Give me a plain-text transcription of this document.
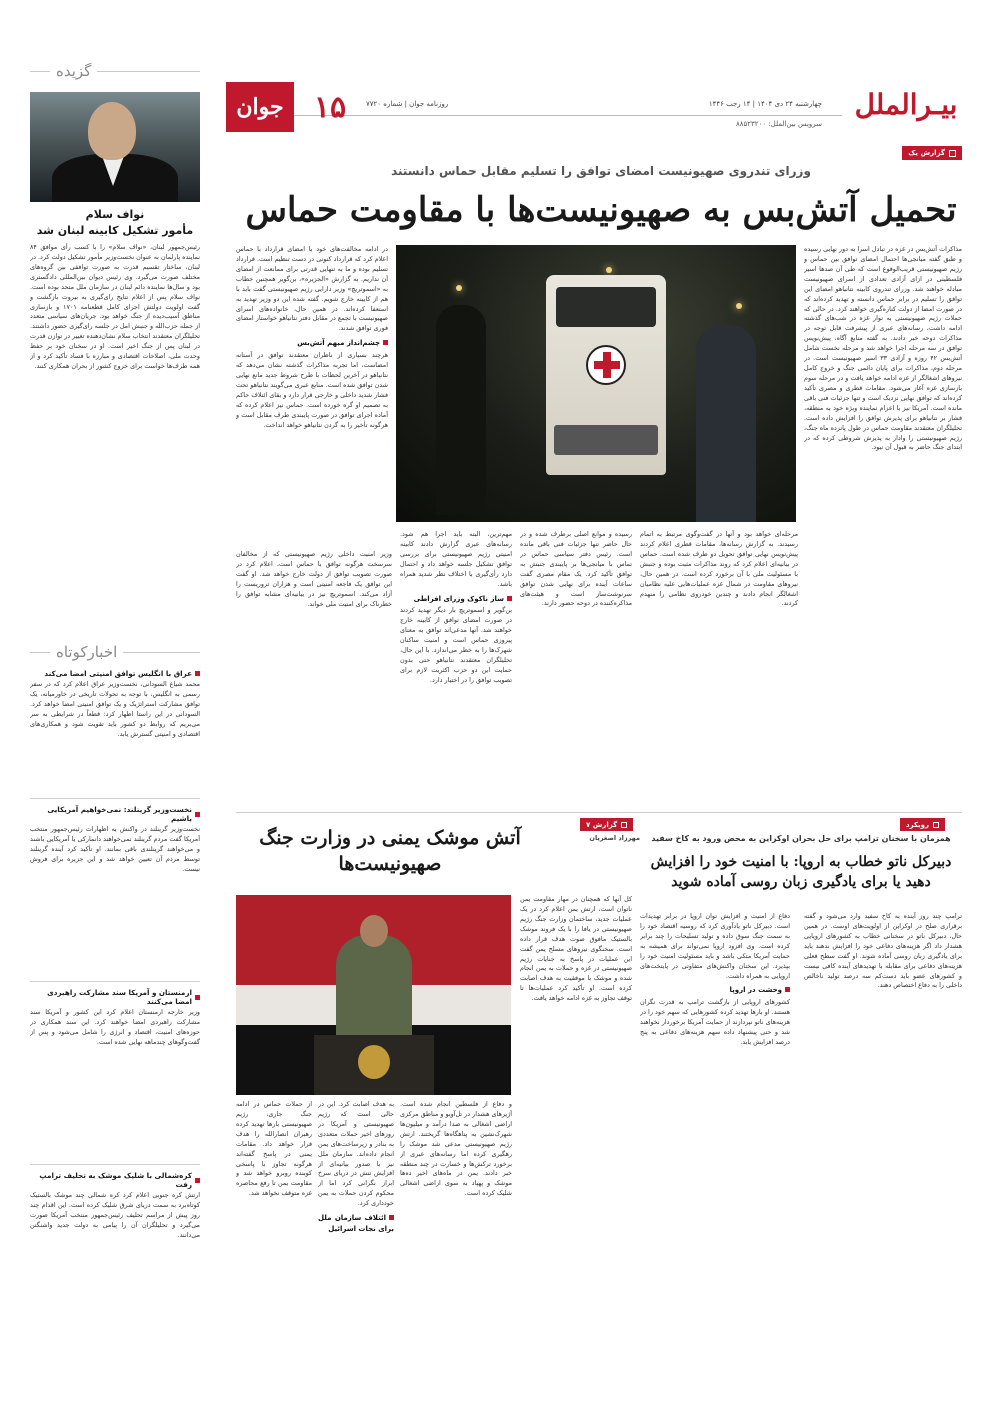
بیـرالملل
چهارشنبه ۲۴ دی ۱۴۰۴ | ۱۴ رجب ۱۴۴۶
سرویس بین‌الملل: ۸۸۵۲۳۲۰۰
روزنامه جوان | شماره ۷۷۲۰
۱۵
جوان
گزیده
نواف سلام
مأمور تشکیل کابینه لبنان شد
رئیس‌جمهور لبنان، «نواف سلام» را با کسب رأی موافق ۸۴ نماینده پارلمان به عنوان نخست‌وزیر مأمور تشکیل دولت کرد. در لبنان، ساختار تقسیم قدرت به صورت توافقی بین گروه‌های مختلف صورت می‌گیرد. وی رئیس دیوان بین‌المللی دادگستری بود و سال‌ها نماینده دائم لبنان در سازمان ملل متحد بوده است. نواف سلام پس از اعلام نتایج رای‌گیری به بیروت بازگشت و گفت اولویت دولتش اجرای کامل قطعنامه ۱۷۰۱ و بازسازی مناطق آسیب‌دیده از جنگ خواهد بود. جریان‌های سیاسی متعدد از جمله حزب‌الله و جنبش امل در جلسه رای‌گیری حضور داشتند. تحلیلگران معتقدند انتخاب سلام نشان‌دهنده تغییر در توازن قدرت در لبنان پس از جنگ اخیر است. او در سخنان خود بر حفظ وحدت ملی، اصلاحات اقتصادی و مبارزه با فساد تأکید کرد و از همه طرف‌ها خواست برای خروج کشور از بحران همکاری کنند.
اخبارکوتاه
عراق با انگلیس توافق امنیتی امضا می‌کند
محمد شیاع السودانی، نخست‌وزیر عراق اعلام کرد که در سفر رسمی به انگلیس، با توجه به تحولات تاریخی در خاورمیانه، یک توافق مشارکت استراتژیک و یک توافق امنیتی امضا خواهد کرد. السودانی در این راستا اظهار کرد: قطعاً در شرایطی به سر می‌بریم که روابط دو کشور باید تقویت شود و همکاری‌های اقتصادی و امنیتی گسترش یابد.
نخست‌وزیر گرینلند: نمی‌خواهیم آمریکایی باشیم
نخست‌وزیر گرینلند در واکنش به اظهارات رئیس‌جمهور منتخب آمریکا گفت مردم گرینلند نمی‌خواهند دانمارکی یا آمریکایی باشند و می‌خواهند گرینلندی باقی بمانند. او تأکید کرد آینده گرینلند توسط مردم آن تعیین خواهد شد و این جزیره برای فروش نیست.
ارمنستان و آمریکا سند مشارکت راهبردی امضا می‌کنند
وزیر خارجه ارمنستان اعلام کرد این کشور و آمریکا سند مشارکت راهبردی امضا خواهند کرد. این سند همکاری در حوزه‌های امنیت، اقتصاد و انرژی را شامل می‌شود و پس از گفت‌وگوهای چندماهه نهایی شده است.
کره‌شمالی با شلیک موشک به تحلیف ترامپ رفت
ارتش کره جنوبی اعلام کرد کره شمالی چند موشک بالستیک کوتاه‌برد به سمت دریای شرق شلیک کرده است. این اقدام چند روز پیش از مراسم تحلیف رئیس‌جمهور منتخب آمریکا صورت می‌گیرد و تحلیلگران آن را پیامی به دولت جدید واشنگتن می‌دانند.
گزارش یک
وزرای تندروی صهیونیست امضای توافق را تسلیم مقابل حماس دانستند
تحمیل آتش‌بس به صهیونیست‌ها با مقاومت حماس
مذاکرات آتش‌بس در غزه در تبادل اسرا به دور نهایی رسیده و طبق گفته میانجی‌ها احتمال امضای توافق بین حماس و رژیم صهیونیستی قریب‌الوقوع است که طی آن صدها اسیر فلسطینی در ازای آزادی تعدادی از اسرای صهیونیست مبادله خواهند شد. وزرای تندروی کابینه نتانیاهو امضای این توافق را تسلیم در برابر حماس دانسته و تهدید کرده‌اند که در صورت امضا از دولت کناره‌گیری خواهند کرد. در حالی که حملات رژیم صهیونیستی به نوار غزه در شب‌های گذشته ادامه داشت، رسانه‌های عبری از پیشرفت قابل توجه در مذاکرات دوحه خبر دادند. به گفته منابع آگاه، پیش‌نویس توافق در سه مرحله اجرا خواهد شد و مرحله نخست شامل آتش‌بس ۴۲ روزه و آزادی ۳۳ اسیر صهیونیست است. در مرحله دوم، مذاکرات برای پایان دائمی جنگ و خروج کامل نیروهای اشغالگر از غزه ادامه خواهد یافت و در مرحله سوم بازسازی غزه آغاز می‌شود. مقامات قطری و مصری تأکید کرده‌اند که توافق نهایی نزدیک است و تنها جزئیات فنی باقی مانده است. آمریکا نیز با اعزام نماینده ویژه خود به منطقه، فشار بر نتانیاهو برای پذیرش توافق را افزایش داده است. تحلیلگران معتقدند مقاومت حماس در طول پانزده ماه جنگ، رژیم صهیونیستی را وادار به پذیرش شروطی کرده که در ابتدای جنگ حاضر به قبول آن نبود.
در ادامه مخالفت‌های خود با امضای قرارداد با حماس اعلام کرد که قرارداد کنونی در دست تنظیم است. قرارداد تسلیم بوده و ما به تنهایی قدرتی برای ممانعت از امضای آن نداریم. به گزارش «الجزیره»، بن‌گویر همچنین خطاب به «اسموتریچ» وزیر دارایی رژیم صهیونیستی گفت باید با هم از کابینه خارج شویم. گفته شده این دو وزیر تهدید به استعفا کرده‌اند. در همین حال، خانواده‌های اسرای صهیونیست با تجمع در مقابل دفتر نتانیاهو خواستار امضای فوری توافق شدند.
چشم‌انداز مبهم آتش‌بس
هرچند بسیاری از ناظران معتقدند توافق در آستانه امضاست، اما تجربه مذاکرات گذشته نشان می‌دهد که نتانیاهو در آخرین لحظات با طرح شروط جدید مانع نهایی شدن توافق شده است. منابع عبری می‌گویند نتانیاهو تحت فشار شدید داخلی و خارجی قرار دارد و بقای ائتلاف حاکم به تصمیم او گره خورده است. حماس نیز اعلام کرده که آماده اجرای توافق در صورت پایبندی طرف مقابل است و هرگونه تأخیر را به گردن نتانیاهو خواهد انداخت.
مرحله‌ای خواهد بود و آنها در گفت‌وگوی مرتبط به اتمام رسیدند. به گزارش رسانه‌ها، مقامات قطری اعلام کردند پیش‌نویس نهایی توافق تحویل دو طرف شده است. حماس در بیانیه‌ای اعلام کرد که روند مذاکرات مثبت بوده و جنبش با مسئولیت ملی با آن برخورد کرده است. در همین حال، نیروهای مقاومت در شمال غزه عملیات‌هایی علیه نظامیان اشغالگر انجام دادند و چندین خودروی نظامی را منهدم کردند.
رسیده و موانع اصلی برطرف شده و در حال حاضر تنها جزئیات فنی باقی مانده است. رئیس دفتر سیاسی حماس در تماس با میانجی‌ها بر پایبندی جنبش به توافق تأکید کرد. یک مقام مصری گفت ساعات آینده برای نهایی شدن توافق سرنوشت‌ساز است و هیئت‌های مذاکره‌کننده در دوحه حضور دارند.
مهم‌ترین، البته باید اجرا هم شود. رسانه‌های عبری گزارش دادند کابینه امنیتی رژیم صهیونیستی برای بررسی توافق تشکیل جلسه خواهد داد و احتمال دارد رأی‌گیری با اختلاف نظر شدید همراه باشد.
ساز ناکوک وزرای افراطی
بن‌گویر و اسموتریچ بار دیگر تهدید کردند در صورت امضای توافق از کابینه خارج خواهند شد. آنها مدعی‌اند توافق به معنای پیروزی حماس است و امنیت ساکنان شهرک‌ها را به خطر می‌اندازد. با این حال، تحلیلگران معتقدند نتانیاهو حتی بدون حمایت این دو حزب اکثریت لازم برای تصویب توافق را در اختیار دارد.
وزیر امنیت داخلی رژیم صهیونیستی که از مخالفان سرسخت هرگونه توافق با حماس است، اعلام کرد در صورت تصویب توافق از دولت خارج خواهد شد. او گفت این توافق یک فاجعه امنیتی است و هزاران تروریست را آزاد می‌کند. اسموتریچ نیز در بیانیه‌ای مشابه توافق را خطرناک برای امنیت ملی خواند.
گزارش ۷
مهرزاد اصغریان
آتش موشک یمنی در وزارت جنگ صهیونیست‌ها
کل آنها که همچنان در مهار مقاومت یمن ناتوان است، ارتش یمن اعلام کرد در یک عملیات جدید، ساختمان وزارت جنگ رژیم صهیونیستی در یافا را با یک فروند موشک بالستیک مافوق صوت هدف قرار داده است. سخنگوی نیروهای مسلح یمن گفت این عملیات در پاسخ به جنایات رژیم صهیونیستی در غزه و حملات به یمن انجام شده و موشک با موفقیت به هدف اصابت کرده است. او تأکید کرد عملیات‌ها تا توقف تجاوز به غزه ادامه خواهد یافت.
و دفاع از فلسطین انجام شده است. آژیرهای هشدار در تل‌آویو و مناطق مرکزی اراضی اشغالی به صدا درآمد و میلیون‌ها شهرک‌نشین به پناهگاه‌ها گریختند. ارتش رژیم صهیونیستی مدعی شد موشک را رهگیری کرده اما رسانه‌های عبری از برخورد ترکش‌ها و خسارت در چند منطقه خبر دادند. یمن در ماه‌های اخیر ده‌ها موشک و پهپاد به سوی اراضی اشغالی شلیک کرده است.
به هدف اصابت کرد. این در حالی است که رژیم صهیونیستی و آمریکا در روزهای اخیر حملات متعددی به بنادر و زیرساخت‌های یمن انجام داده‌اند. سازمان ملل نیز با صدور بیانیه‌ای از افزایش تنش در دریای سرخ ابراز نگرانی کرد اما از محکوم کردن حملات به یمن خودداری کرد.
ائتلاف سازمان ملل برای نجات اسرائیل
از حملات حماس در ادامه جنگ جاری، رژیم صهیونیستی بارها تهدید کرده رهبران انصارالله را هدف قرار خواهد داد. مقامات یمنی در پاسخ گفته‌اند هرگونه تجاوز با پاسخی کوبنده روبرو خواهد شد و مقاومت یمن تا رفع محاصره غزه متوقف نخواهد شد.
رویکرد
همزمان با سخنان ترامپ برای حل بحران اوکراین به محض ورود به کاخ سفید
دبیرکل ناتو خطاب به اروپا: با امنیت خود را افزایش دهید یا برای یادگیری زبان روسی آماده شوید
ترامپ چند روز آینده به کاخ سفید وارد می‌شود و گفته برقراری صلح در اوکراین از اولویت‌های اوست. در همین حال، دبیرکل ناتو در سخنانی خطاب به کشورهای اروپایی هشدار داد اگر هزینه‌های دفاعی خود را افزایش ندهند باید برای یادگیری زبان روسی آماده شوند. او گفت سطح فعلی هزینه‌های دفاعی برای مقابله با تهدیدهای آینده کافی نیست و کشورهای عضو باید دست‌کم سه درصد تولید ناخالص داخلی را به دفاع اختصاص دهند.
دفاع از امنیت و افزایش توان اروپا در برابر تهدیدات است. دبیرکل ناتو یادآوری کرد که روسیه اقتصاد خود را به سمت جنگ سوق داده و تولید تسلیحات را چند برابر کرده است. وی افزود اروپا نمی‌تواند برای همیشه به حمایت آمریکا متکی باشد و باید مسئولیت امنیت خود را بپذیرد. این سخنان واکنش‌های متفاوتی در پایتخت‌های اروپایی به همراه داشت.
وحشت در اروپا
کشورهای اروپایی از بازگشت ترامپ به قدرت نگران هستند. او بارها تهدید کرده کشورهایی که سهم خود را در هزینه‌های ناتو نپردازند از حمایت آمریکا برخوردار نخواهند شد و حتی پیشنهاد داده سهم هزینه‌های دفاعی به پنج درصد افزایش یابد.
